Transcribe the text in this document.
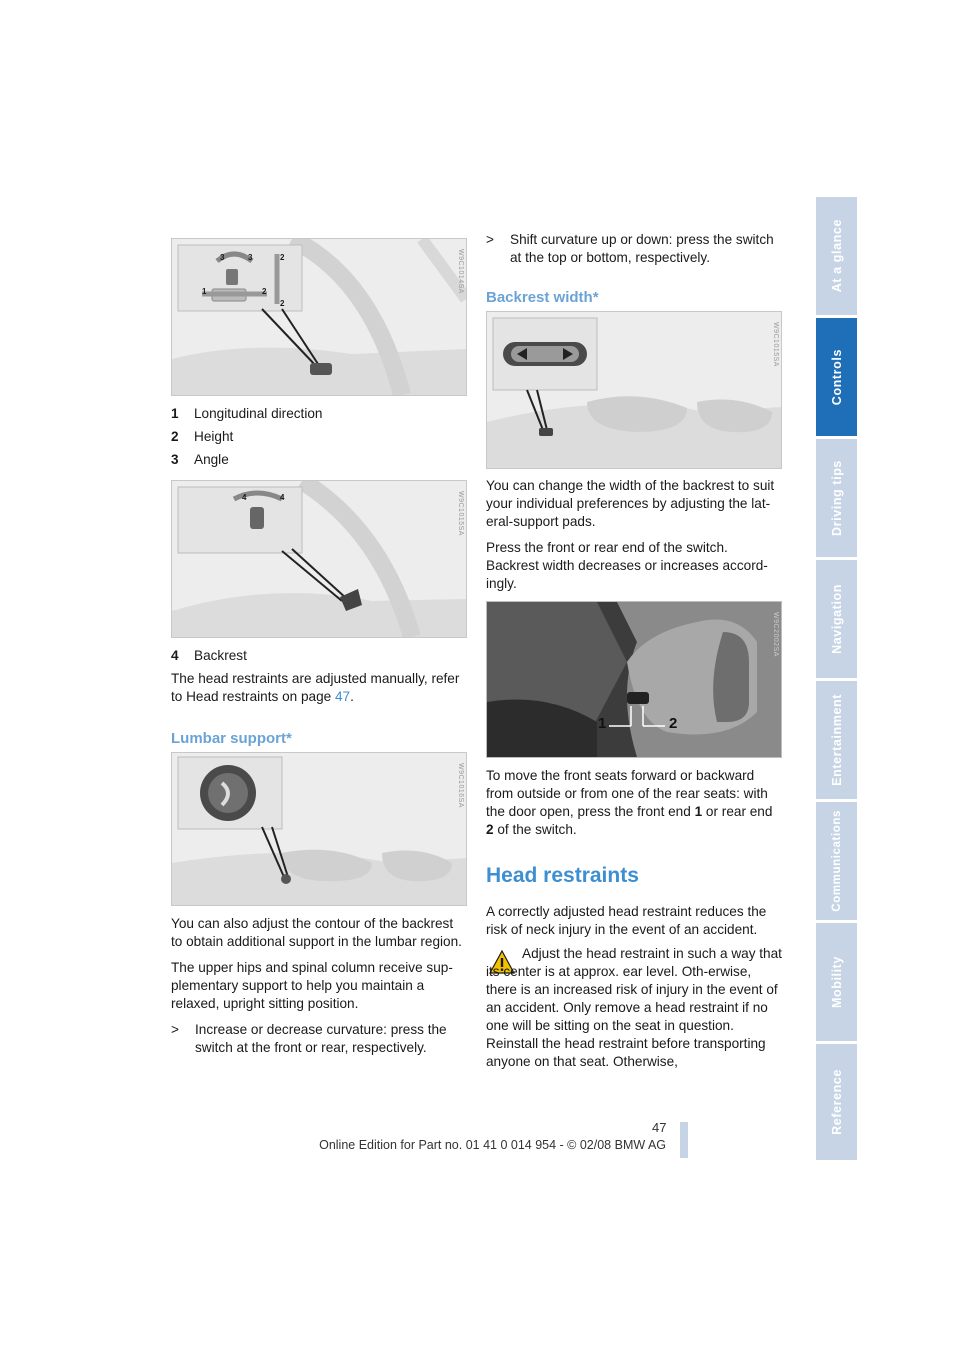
At a glance
Controls
Driving tips
Navigation
Entertainment
Communications
Mobility
Reference
3	3	2
2
1	2	W9C1014SA
1	Longitudinal direction
2	Height
3	Angle
4	4	W9C1015SA
4	Backrest

The head restraints are adjusted manually, refer to Head restraints on page 47.

Lumbar support*

W9C1016SA

You can also adjust the contour of the backrest to obtain additional support in the lumbar region.

The upper hips and spinal column receive sup-plementary support to help you maintain a relaxed, upright sitting position.

>	Increase or decrease curvature: press the switch at the front or rear, respectively.
>	Shift curvature up or down: press the switch at the top or bottom, respectively.

Backrest width*

W9C1015SA

You can change the width of the backrest to suit your individual preferences by adjusting the lat-eral-support pads.

Press the front or rear end of the switch. Backrest width decreases or increases accord-ingly.

1	2
W9C2002SA

To move the front seats forward or backward from outside or from one of the rear seats: with the door open, press the front end 1 or rear end 2 of the switch.

Head restraints

A correctly adjusted head restraint reduces the risk of neck injury in the event of an accident.

Adjust the head restraint in such a way that its center is at approx. ear level. Oth-erwise, there is an increased risk of injury in the event of an accident. Only remove a head restraint if no one will be sitting on the seat in question. Reinstall the head restraint before transporting anyone on that seat. Otherwise,
47
Online Edition for Part no. 01 41 0 014 954 - © 02/08 BMW AG
